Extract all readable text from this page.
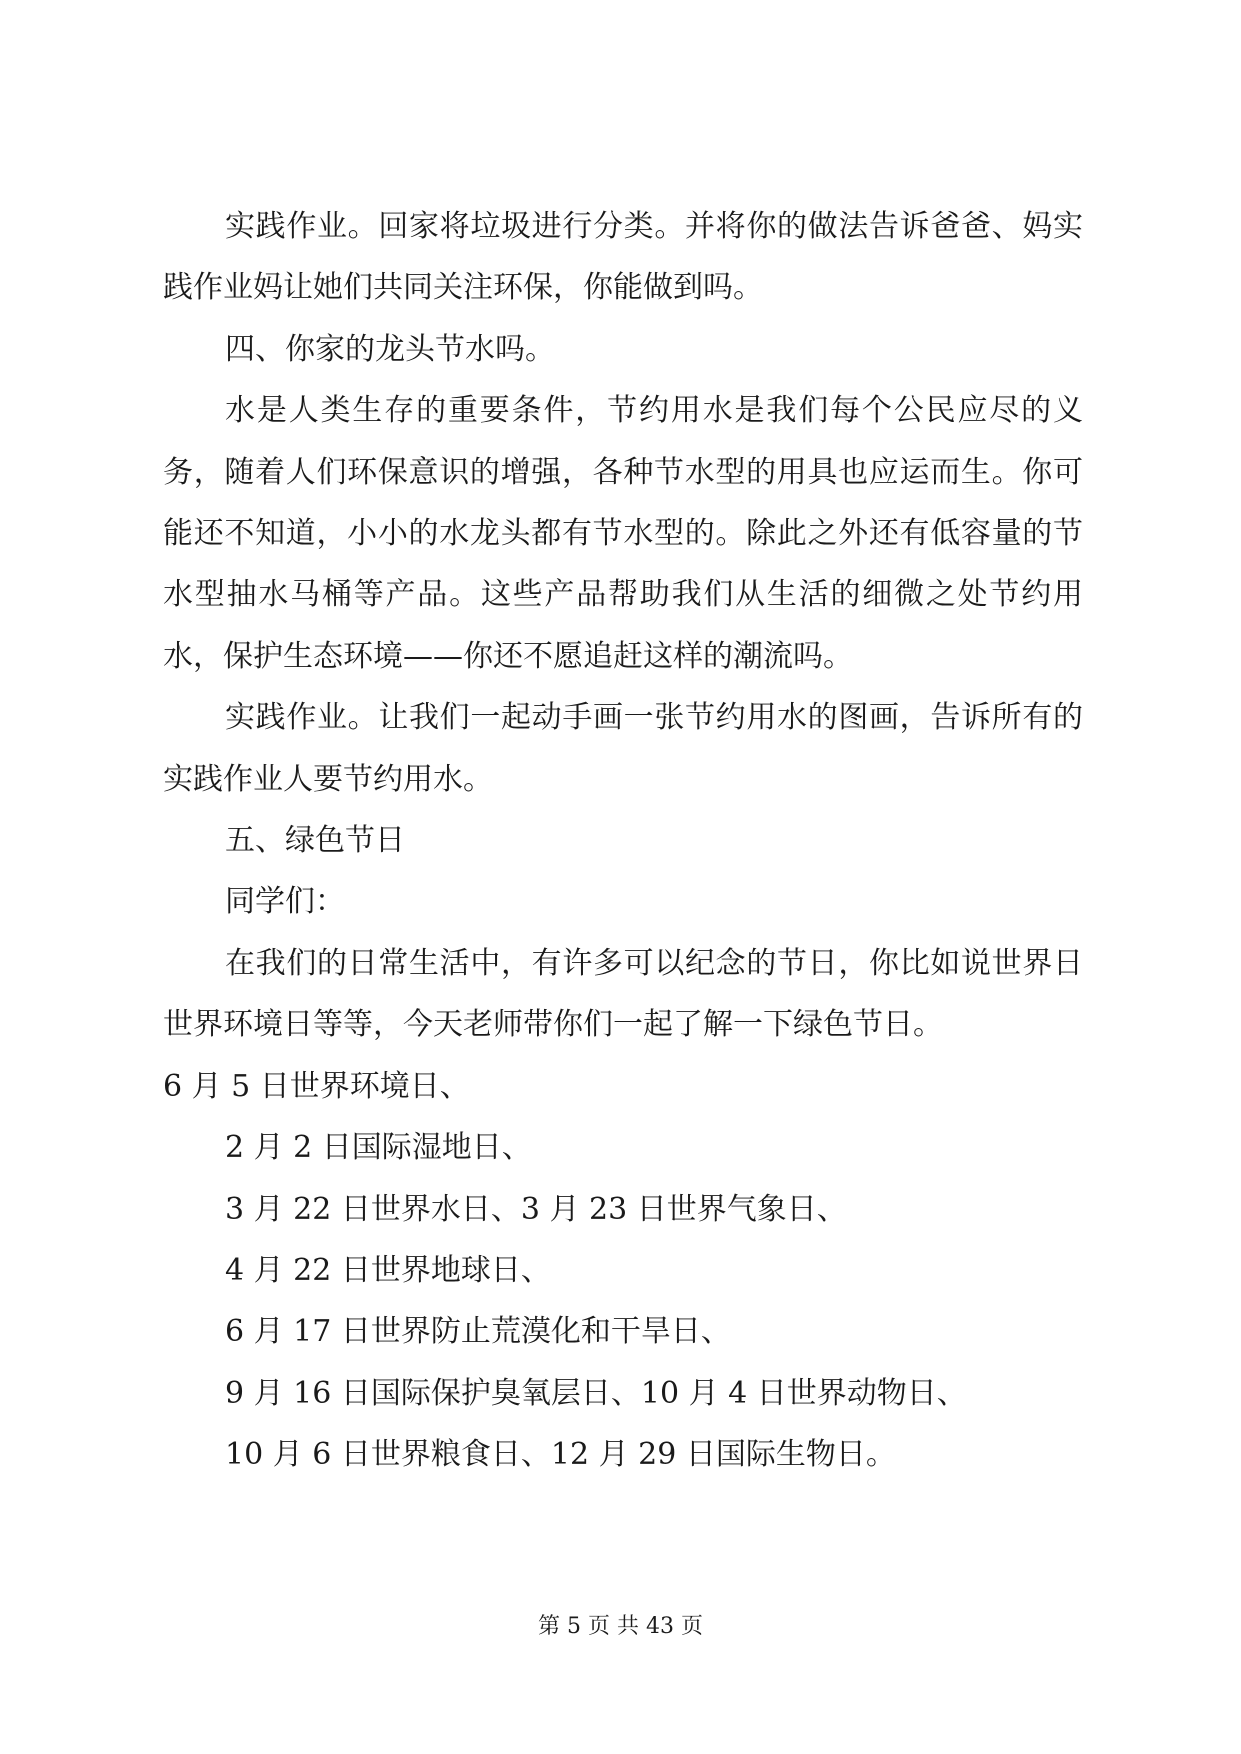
实践作业。回家将垃圾进行分类。并将你的做法告诉爸爸、妈实践作业妈让她们共同关注环保，你能做到吗。

四、你家的龙头节水吗。

水是人类生存的重要条件，节约用水是我们每个公民应尽的义务，随着人们环保意识的增强，各种节水型的用具也应运而生。你可能还不知道，小小的水龙头都有节水型的。除此之外还有低容量的节水型抽水马桶等产品。这些产品帮助我们从生活的细微之处节约用水，保护生态环境——你还不愿追赶这样的潮流吗。

实践作业。让我们一起动手画一张节约用水的图画，告诉所有的实践作业人要节约用水。

五、绿色节日

同学们：

在我们的日常生活中，有许多可以纪念的节日，你比如说世界日世界环境日等等，今天老师带你们一起了解一下绿色节日。

6 月 5 日世界环境日、

2 月 2 日国际湿地日、

3 月 22 日世界水日、3 月 23 日世界气象日、

4 月 22 日世界地球日、

6 月 17 日世界防止荒漠化和干旱日、

9 月 16 日国际保护臭氧层日、10 月 4 日世界动物日、

10 月 6 日世界粮食日、12 月 29 日国际生物日。

第 5 页 共 43 页
